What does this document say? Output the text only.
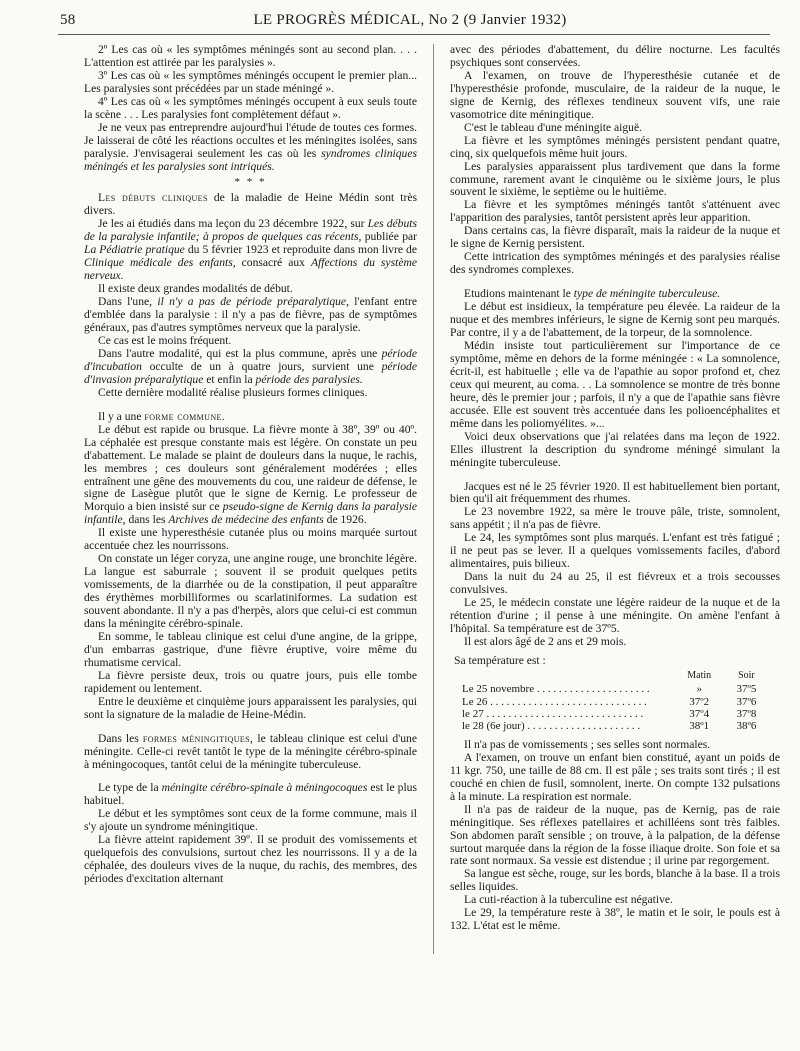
58	LE PROGRÈS MÉDICAL, No 2 (9 Janvier 1932)

2º Les cas où « les symptômes méningés sont au second plan. . . . L'attention est attirée par les paralysies ».

3º Les cas où « les symptômes méningés occupent le premier plan... Les paralysies sont précédées par un stade méningé ».

4º Les cas où « les symptômes méningés occupent à eux seuls toute la scène . . . Les paralysies font complètement défaut ».

Je ne veux pas entreprendre aujourd'hui l'étude de toutes ces formes. Je laisserai de côté les réactions occultes et les méningites isolées, sans paralysie. J'envisagerai seulement les cas où les syndromes cliniques méningés et les paralysies sont intriqués.

* * *

Les débuts cliniques de la maladie de Heine Médin sont très divers.

Je les ai étudiés dans ma leçon du 23 décembre 1922, sur Les débuts de la paralysie infantile; à propos de quelques cas récents, publiée par La Pédiatrie pratique du 5 février 1923 et reproduite dans mon livre de Clinique médicale des enfants, consacré aux Affections du système nerveux.

Il existe deux grandes modalités de début.

Dans l'une, il n'y a pas de période préparalytique, l'enfant entre d'emblée dans la paralysie : il n'y a pas de fièvre, pas de symptômes généraux, pas d'autres symptômes nerveux que la paralysie.

Ce cas est le moins fréquent.

Dans l'autre modalité, qui est la plus commune, après une période d'incubation occulte de un à quatre jours, survient une période d'invasion préparalytique et enfin la période des paralysies.

Cette dernière modalité réalise plusieurs formes cliniques.

Il y a une forme commune.

Le début est rapide ou brusque. La fièvre monte à 38º, 39º ou 40º. La céphalée est presque constante mais est légère. On constate un peu d'abattement. Le malade se plaint de douleurs dans la nuque, le rachis, les membres ; ces douleurs sont généralement modérées ; elles entraînent une gêne des mouvements du cou, une raideur de défense, le signe de Lasègue plutôt que le signe de Kernig. Le professeur de Morquio a bien insisté sur ce pseudo-signe de Kernig dans la paralysie infantile, dans les Archives de médecine des enfants de 1926.

Il existe une hyperesthésie cutanée plus ou moins marquée surtout accentuée chez les nourrissons.

On constate un léger coryza, une angine rouge, une bronchite légère. La langue est saburrale ; souvent il se produit quelques petits vomissements, de la diarrhée ou de la constipation, il peut apparaître des érythèmes morbilliformes ou scarlatiniformes. La sudation est souvent abondante. Il n'y a pas d'herpès, alors que celui-ci est commun dans la méningite cérébro-spinale.

En somme, le tableau clinique est celui d'une angine, de la grippe, d'un embarras gastrique, d'une fièvre éruptive, voire même du rhumatisme cervical.

La fièvre persiste deux, trois ou quatre jours, puis elle tombe rapidement ou lentement.

Entre le deuxième et cinquième jours apparaissent les paralysies, qui sont la signature de la maladie de Heine-Médin.

Dans les formes méningitiques, le tableau clinique est celui d'une méningite. Celle-ci revêt tantôt le type de la méningite cérébro-spinale à méningocoques, tantôt celui de la méningite tuberculeuse.

Le type de la méningite cérébro-spinale à méningocoques est le plus habituel.

Le début et les symptômes sont ceux de la forme commune, mais il s'y ajoute un syndrome méningitique.

La fièvre atteint rapidement 39º. Il se produit des vomissements et quelquefois des convulsions, surtout chez les nourrissons. Il y a de la céphalée, des douleurs vives de la nuque, du rachis, des membres, des périodes d'excitation alternant

avec des périodes d'abattement, du délire nocturne. Les facultés psychiques sont conservées.

A l'examen, on trouve de l'hyperesthésie cutanée et de l'hyperesthésie profonde, musculaire, de la raideur de la nuque, le signe de Kernig, des réflexes tendineux souvent vifs, une raie vasomotrice dite méningitique.

C'est le tableau d'une méningite aiguë.

La fièvre et les symptômes méningés persistent pendant quatre, cinq, six quelquefois même huit jours.

Les paralysies apparaissent plus tardivement que dans la forme commune, rarement avant le cinquième ou le sixième jours, le plus souvent le sixième, le septième ou le huitième.

La fièvre et les symptômes méningés tantôt s'atténuent avec l'apparition des paralysies, tantôt persistent après leur apparition.

Dans certains cas, la fièvre disparaît, mais la raideur de la nuque et le signe de Kernig persistent.

Cette intrication des symptômes méningés et des paralysies réalise des syndromes complexes.

Etudions maintenant le type de méningite tuberculeuse.

Le début est insidieux, la température peu élevée. La raideur de la nuque et des membres inférieurs, le signe de Kernig sont peu marqués. Par contre, il y a de l'abattement, de la torpeur, de la somnolence.

Médin insiste tout particulièrement sur l'importance de ce symptôme, même en dehors de la forme méningée : « La somnolence, écrit-il, est habituelle ; elle va de l'apathie au sopor profond et, chez ceux qui meurent, au coma. . . La somnolence se montre de très bonne heure, dès le premier jour ; parfois, il n'y a que de l'apathie sans fièvre accusée. Elle est souvent très accentuée dans les polioencéphalites et même dans les poliomyélites. »...

Voici deux observations que j'ai relatées dans ma leçon de 1922. Elles illustrent la description du syndrome méningé simulant la méningite tuberculeuse.

Jacques est né le 25 février 1920. Il est habituellement bien portant, bien qu'il ait fréquemment des rhumes.

Le 23 novembre 1922, sa mère le trouve pâle, triste, somnolent, sans appétit ; il n'a pas de fièvre.

Le 24, les symptômes sont plus marqués. L'enfant est très fatigué ; il ne peut pas se lever. Il a quelques vomissements faciles, d'abord alimentaires, puis bilieux.

Dans la nuit du 24 au 25, il est fiévreux et a trois secousses convulsives.

Le 25, le médecin constate une légère raideur de la nuque et de la rétention d'urine ; il pense à une méningite. On amène l'enfant à l'hôpital. Sa température est de 37º5.

Il est alors âgé de 2 ans et 29 mois.

Sa température est :

	Matin	Soir
Le 25 novembre . . . . . . . . . . . . . . . . . . . . .	»	37º5
Le 26 . . . . . . . . . . . . . . . . . . . . . . . . . . . . .	37º2	37º6
le 27 . . . . . . . . . . . . . . . . . . . . . . . . . . . . .	37º4	37º8
le 28 (6e jour) . . . . . . . . . . . . . . . . . . . . .	38º1	38º6

Il n'a pas de vomissements ; ses selles sont normales.

A l'examen, on trouve un enfant bien constitué, ayant un poids de 11 kgr. 750, une taille de 88 cm. Il est pâle ; ses traits sont tirés ; il est couché en chien de fusil, somnolent, inerte. On compte 132 pulsations à la minute. La respiration est normale.

Il n'a pas de raideur de la nuque, pas de Kernig, pas de raie méningitique. Ses réflexes patellaires et achilléens sont très faibles. Son abdomen paraît sensible ; on trouve, à la palpation, de la défense surtout marquée dans la région de la fosse iliaque droite. Son foie et sa rate sont normaux. Sa vessie est distendue ; il urine par regorgement.

Sa langue est sèche, rouge, sur les bords, blanche à la base. Il a trois selles liquides.

La cuti-réaction à la tuberculine est négative.

Le 29, la température reste à 38º, le matin et le soir, le pouls est à 132. L'état est le même.
